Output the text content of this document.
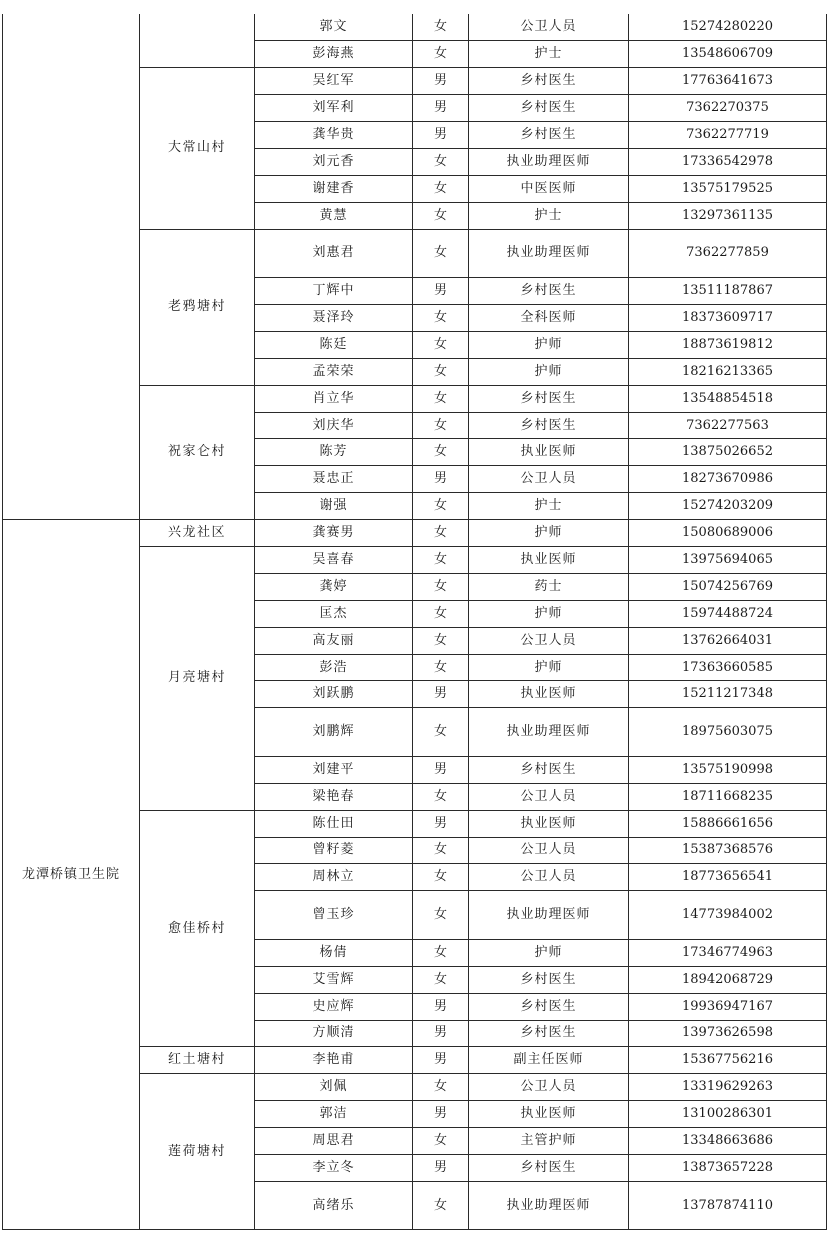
		郭文	女	公卫人员	15274280220
		彭海燕	女	护士	13548606709
	大常山村	吴红军	男	乡村医生	17763641673
		刘军利	男	乡村医生	7362270375
		龚华贵	男	乡村医生	7362277719
		刘元香	女	执业助理医师	17336542978
		谢建香	女	中医医师	13575179525
		黄慧	女	护士	13297361135
	老鸦塘村	刘惠君	女	执业助理医师	7362277859
		丁辉中	男	乡村医生	13511187867
		聂泽玲	女	全科医师	18373609717
		陈廷	女	护师	18873619812
		孟荣荣	女	护师	18216213365
	祝家仑村	肖立华	女	乡村医生	13548854518
		刘庆华	女	乡村医生	7362277563
		陈芳	女	执业医师	13875026652
		聂忠正	男	公卫人员	18273670986
		谢强	女	护士	15274203209
龙潭桥镇卫生院	兴龙社区	龚赛男	女	护师	15080689006
	月亮塘村	吴喜春	女	执业医师	13975694065
		龚婷	女	药士	15074256769
		匡杰	女	护师	15974488724
		高友丽	女	公卫人员	13762664031
		彭浩	女	护师	17363660585
		刘跃鹏	男	执业医师	15211217348
		刘鹏辉	女	执业助理医师	18975603075
		刘建平	男	乡村医生	13575190998
		梁艳春	女	公卫人员	18711668235
	愈佳桥村	陈仕田	男	执业医师	15886661656
		曾籽菱	女	公卫人员	15387368576
		周林立	女	公卫人员	18773656541
		曾玉珍	女	执业助理医师	14773984002
		杨倩	女	护师	17346774963
		艾雪辉	女	乡村医生	18942068729
		史应辉	男	乡村医生	19936947167
		方顺清	男	乡村医生	13973626598
	红土塘村	李艳甫	男	副主任医师	15367756216
	莲荷塘村	刘佩	女	公卫人员	13319629263
		郭洁	男	执业医师	13100286301
		周思君	女	主管护师	13348663686
		李立冬	男	乡村医生	13873657228
		高绪乐	女	执业助理医师	13787874110
